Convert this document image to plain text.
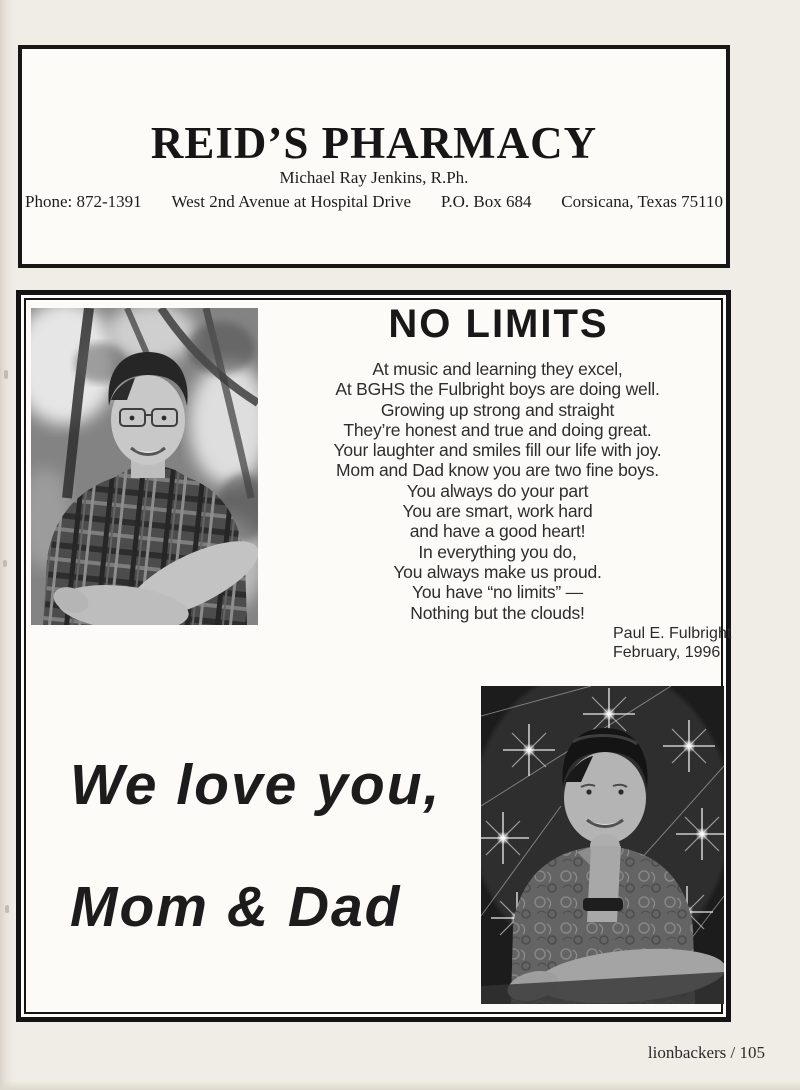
REID’S PHARMACY
Michael Ray Jenkins, R.Ph.
Phone: 872-1391 West 2nd Avenue at Hospital Drive P.O. Box 684 Corsicana, Texas 75110
NO LIMITS
At music and learning they excel,
At BGHS the Fulbright boys are doing well.
Growing up strong and straight
They’re honest and true and doing great.
Your laughter and smiles fill our life with joy.
Mom and Dad know you are two fine boys.
You always do your part
You are smart, work hard
and have a good heart!
In everything you do,
You always make us proud.
You have “no limits” —
Nothing but the clouds!
Paul E. Fulbright
February, 1996
We love you,
Mom & Dad
lionbackers / 105
